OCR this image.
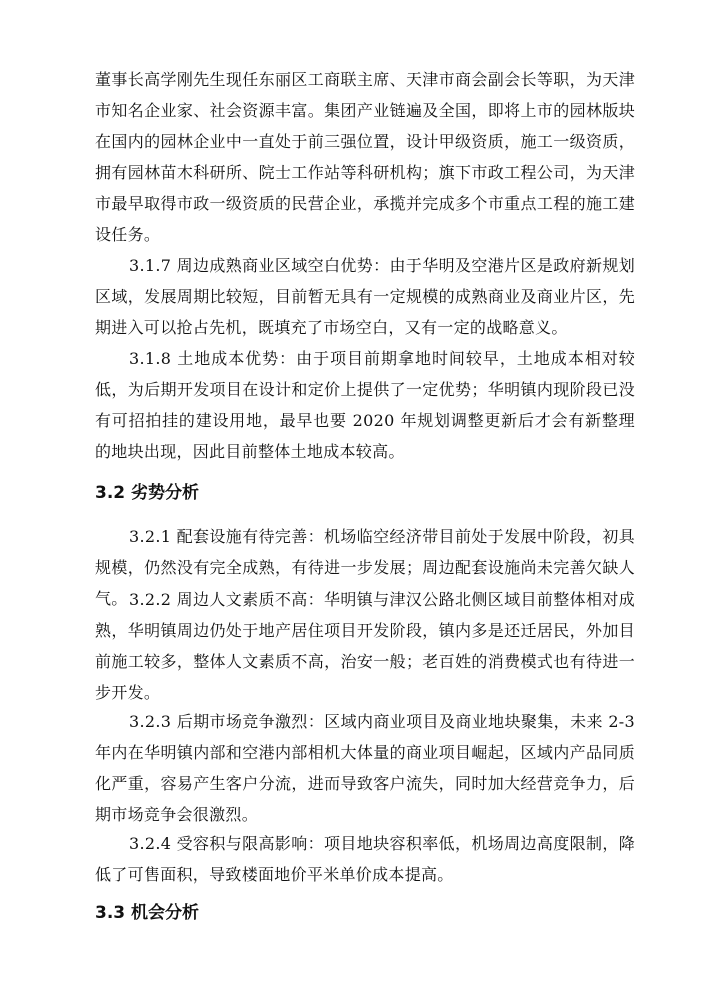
董事长高学刚先生现任东丽区工商联主席、天津市商会副会长等职，为天津市知名企业家、社会资源丰富。集团产业链遍及全国，即将上市的园林版块在国内的园林企业中一直处于前三强位置，设计甲级资质，施工一级资质，拥有园林苗木科研所、院士工作站等科研机构；旗下市政工程公司，为天津市最早取得市政一级资质的民营企业，承揽并完成多个市重点工程的施工建设任务。

3.1.7 周边成熟商业区域空白优势：由于华明及空港片区是政府新规划区域，发展周期比较短，目前暂无具有一定规模的成熟商业及商业片区，先期进入可以抢占先机，既填充了市场空白，又有一定的战略意义。

3.1.8 土地成本优势：由于项目前期拿地时间较早，土地成本相对较低，为后期开发项目在设计和定价上提供了一定优势；华明镇内现阶段已没有可招拍挂的建设用地，最早也要 2020 年规划调整更新后才会有新整理的地块出现，因此目前整体土地成本较高。

3.2 劣势分析

3.2.1 配套设施有待完善：机场临空经济带目前处于发展中阶段，初具规模，仍然没有完全成熟，有待进一步发展；周边配套设施尚未完善欠缺人气。 3.2.2 周边人文素质不高：华明镇与津汉公路北侧区域目前整体相对成熟，华明镇周边仍处于地产居住项目开发阶段，镇内多是还迁居民，外加目前施工较多，整体人文素质不高，治安一般；老百姓的消费模式也有待进一步开发。

3.2.3 后期市场竞争激烈：区域内商业项目及商业地块聚集，未来 2-3 年内在华明镇内部和空港内部相机大体量的商业项目崛起，区域内产品同质化严重，容易产生客户分流，进而导致客户流失，同时加大经营竞争力，后期市场竞争会很激烈。

3.2.4 受容积与限高影响：项目地块容积率低，机场周边高度限制，降低了可售面积，导致楼面地价平米单价成本提高。

3.3 机会分析
